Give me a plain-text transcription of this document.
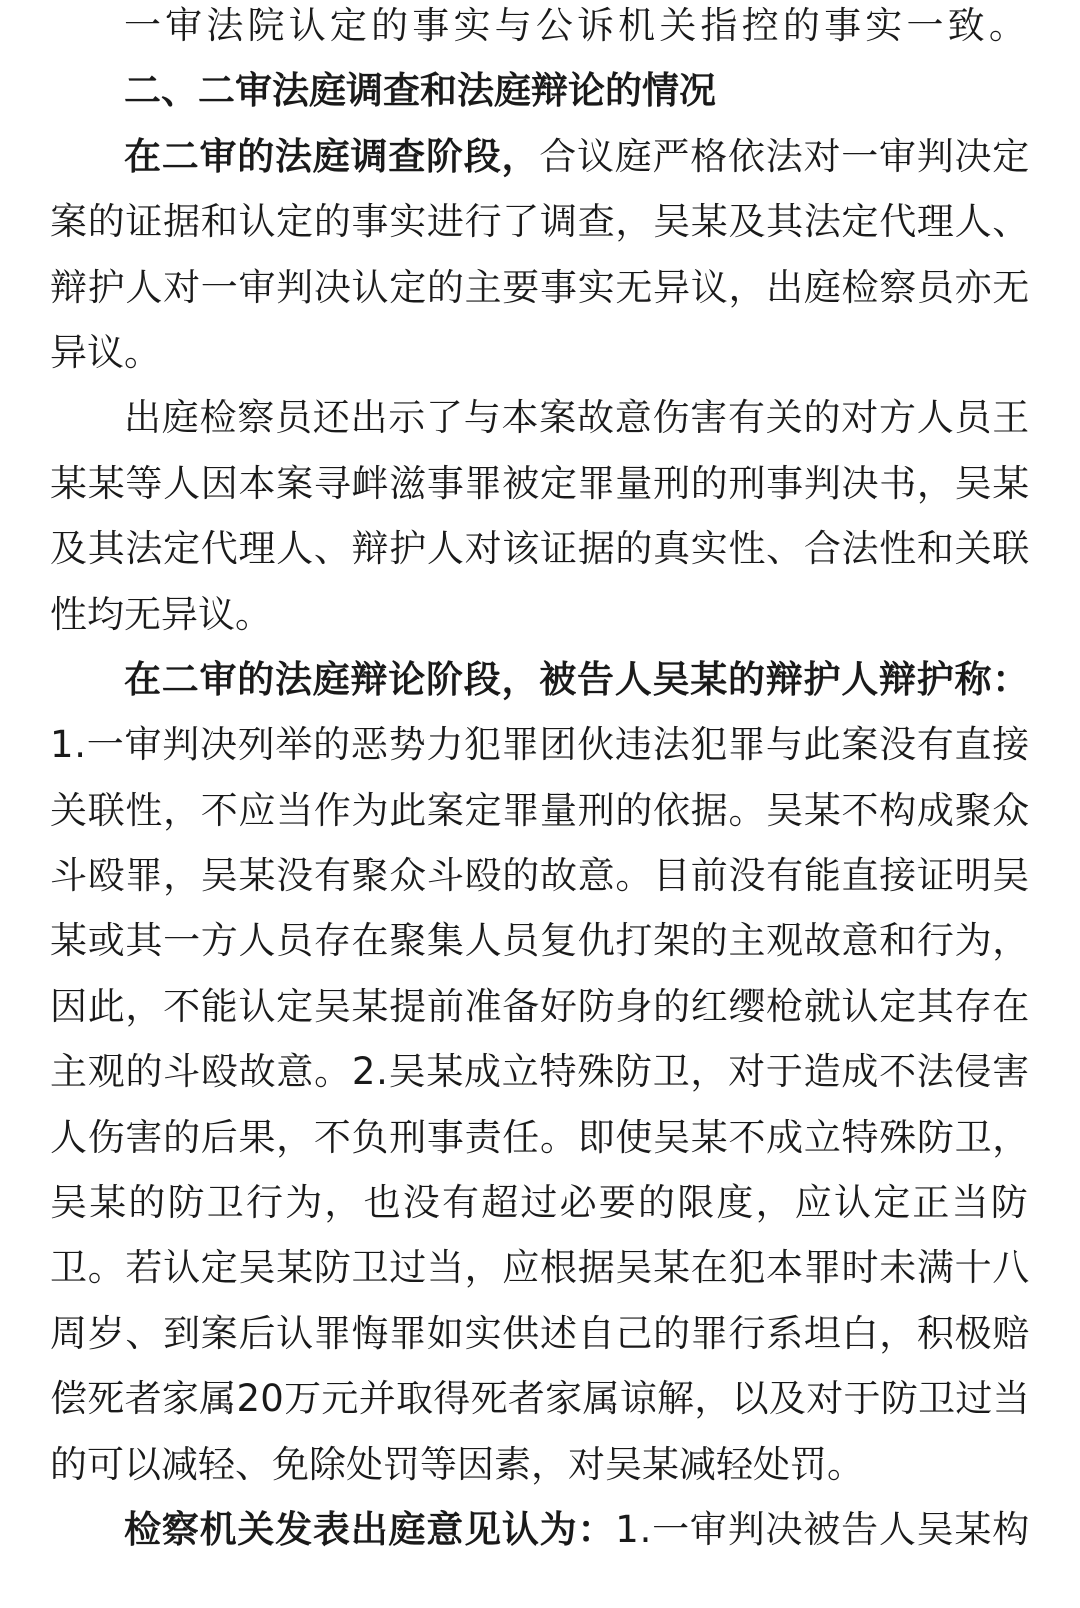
一审法院认定的事实与公诉机关指控的事实一致。
二、二审法庭调查和法庭辩论的情况
在二审的法庭调查阶段，合议庭严格依法对一审判决定
案的证据和认定的事实进行了调查，吴某及其法定代理人、
辩护人对一审判决认定的主要事实无异议，出庭检察员亦无
异议。
出庭检察员还出示了与本案故意伤害有关的对方人员王
某某等人因本案寻衅滋事罪被定罪量刑的刑事判决书，吴某
及其法定代理人、辩护人对该证据的真实性、合法性和关联
性均无异议。
在二审的法庭辩论阶段，被告人吴某的辩护人辩护称：
1.一审判决列举的恶势力犯罪团伙违法犯罪与此案没有直接
关联性，不应当作为此案定罪量刑的依据。吴某不构成聚众
斗殴罪，吴某没有聚众斗殴的故意。目前没有能直接证明吴
某或其一方人员存在聚集人员复仇打架的主观故意和行为，
因此，不能认定吴某提前准备好防身的红缨枪就认定其存在
主观的斗殴故意。2.吴某成立特殊防卫，对于造成不法侵害
人伤害的后果，不负刑事责任。即使吴某不成立特殊防卫，
吴某的防卫行为，也没有超过必要的限度，应认定正当防
卫。若认定吴某防卫过当，应根据吴某在犯本罪时未满十八
周岁、到案后认罪悔罪如实供述自己的罪行系坦白，积极赔
偿死者家属20万元并取得死者家属谅解，以及对于防卫过当
的可以减轻、免除处罚等因素，对吴某减轻处罚。
检察机关发表出庭意见认为：1.一审判决被告人吴某构
